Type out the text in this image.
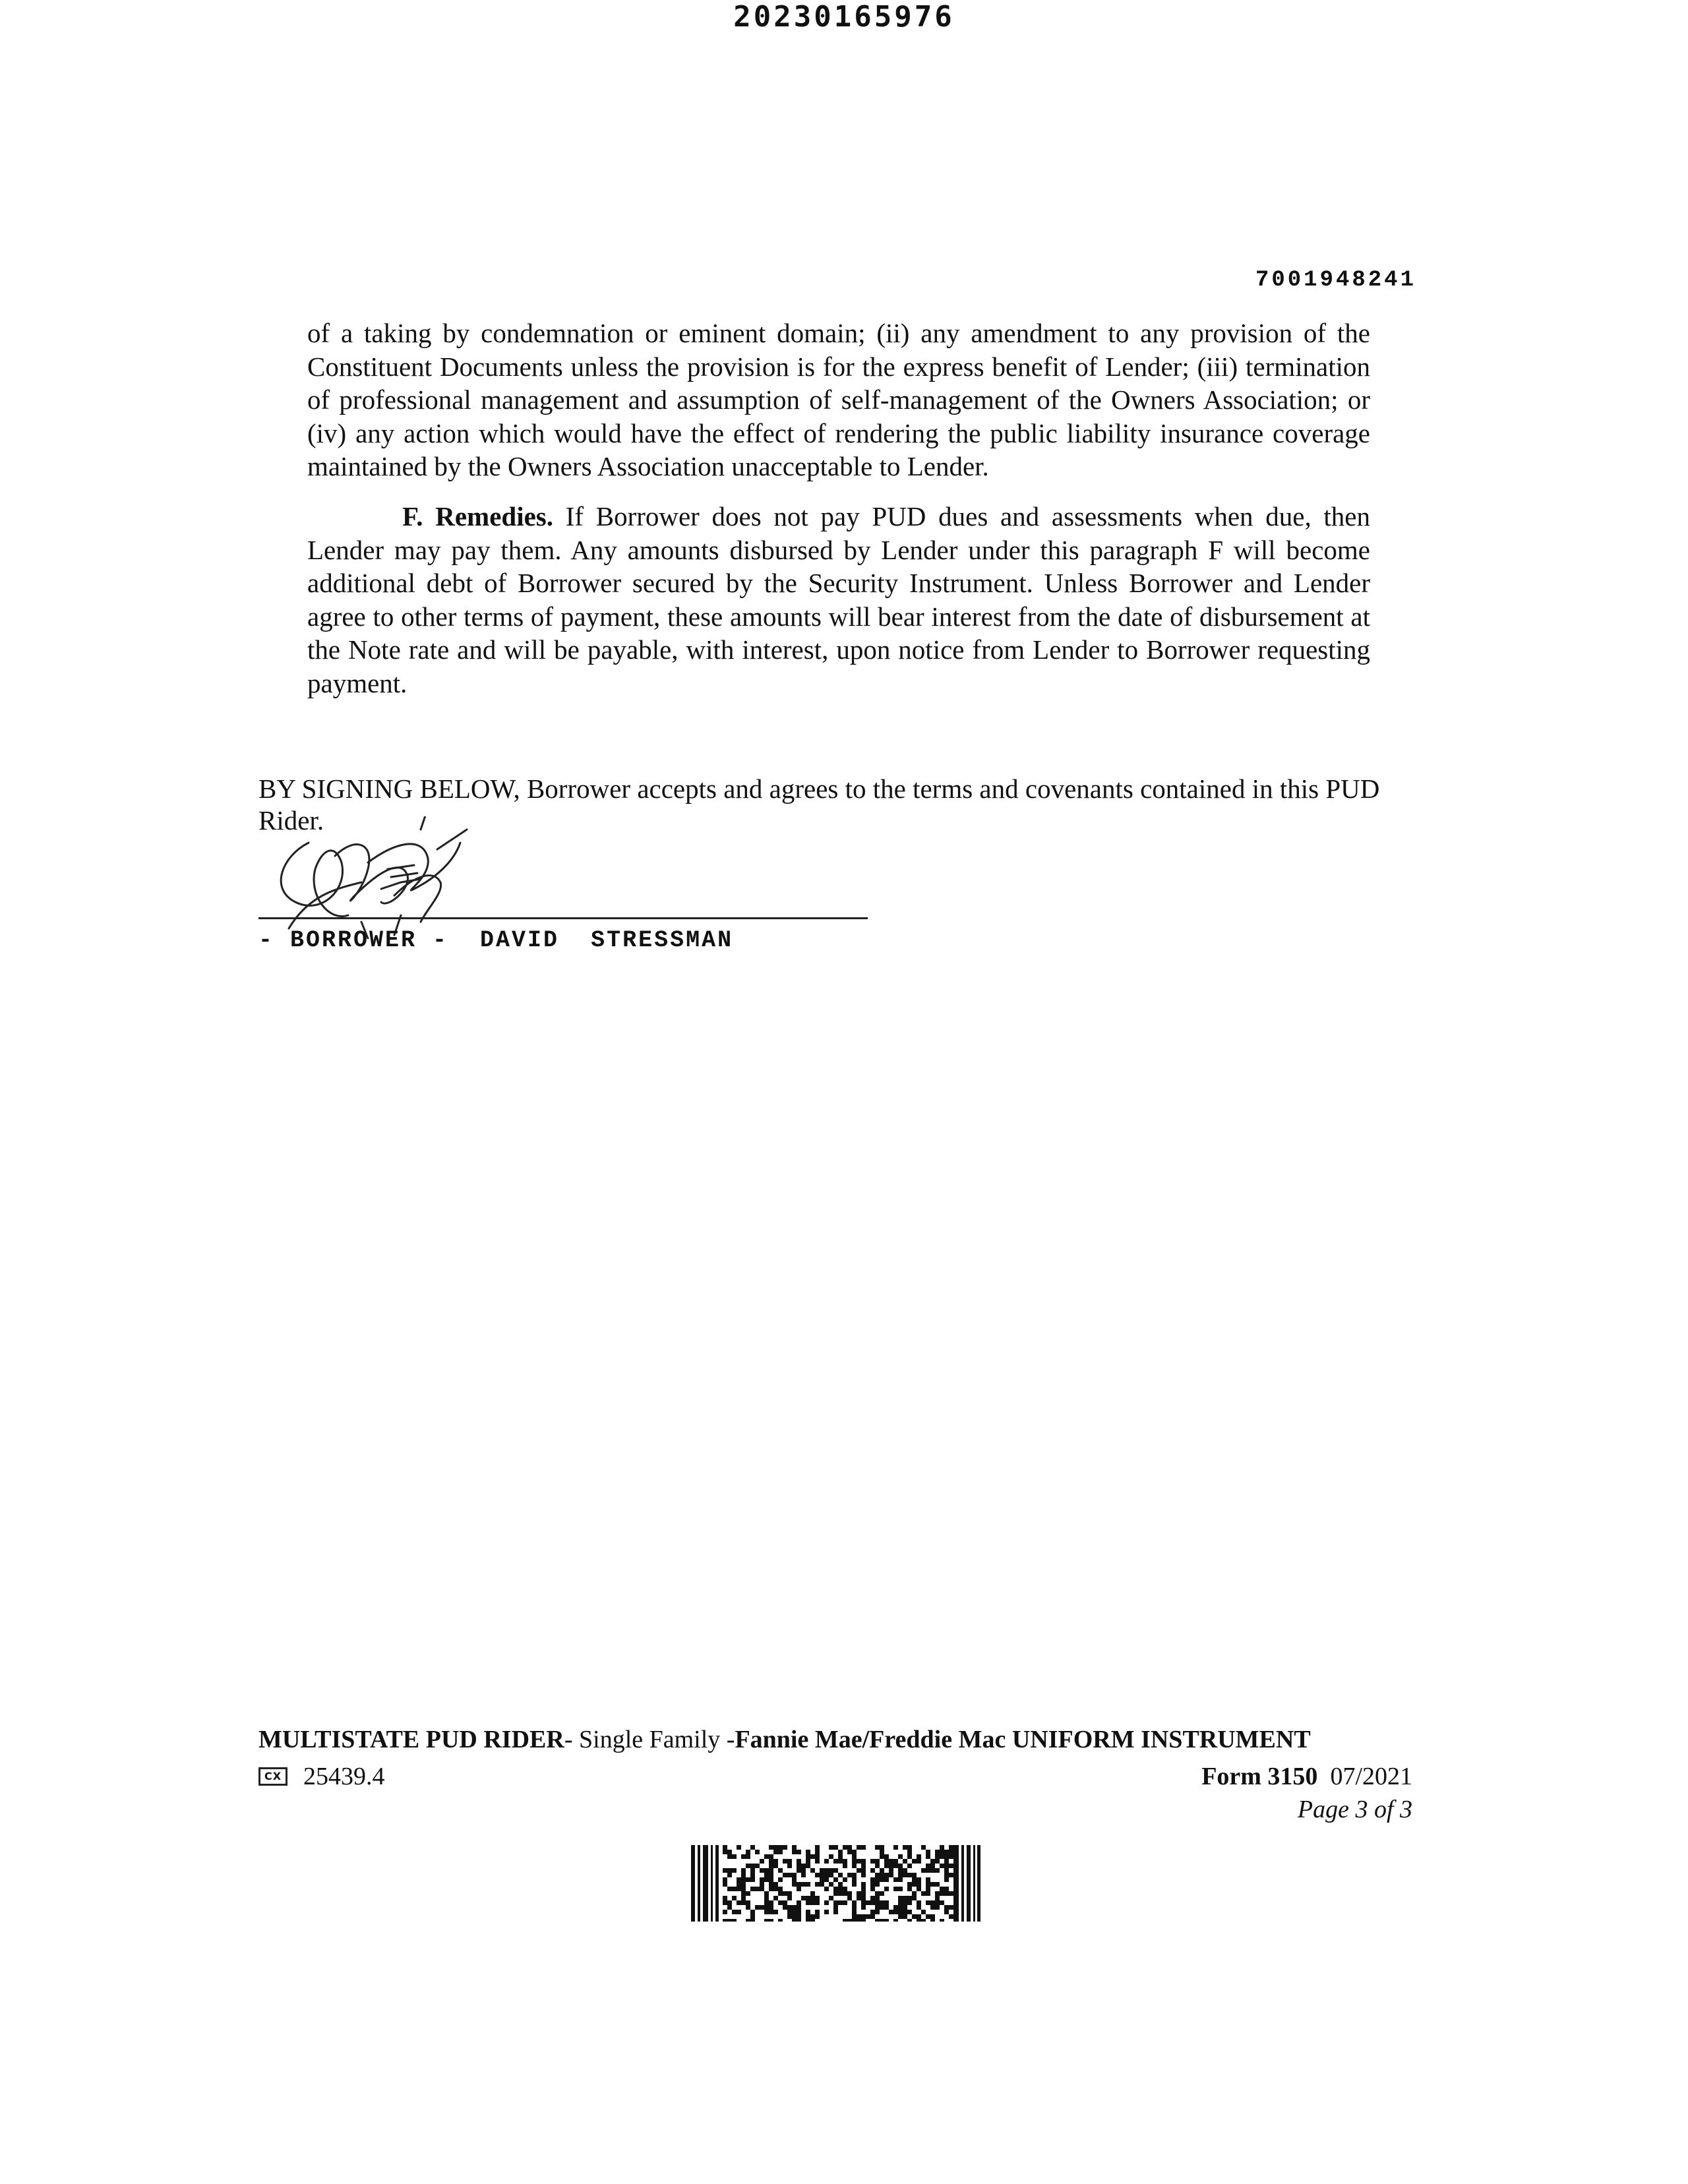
20230165976
7001948241

of a taking by condemnation or eminent domain; (ii) any amendment to any provision of the Constituent Documents unless the provision is for the express benefit of Lender; (iii) termination of professional management and assumption of self-management of the Owners Association; or (iv) any action which would have the effect of rendering the public liability insurance coverage maintained by the Owners Association unacceptable to Lender.

F. Remedies. If Borrower does not pay PUD dues and assessments when due, then Lender may pay them. Any amounts disbursed by Lender under this paragraph F will become additional debt of Borrower secured by the Security Instrument. Unless Borrower and Lender agree to other terms of payment, these amounts will bear interest from the date of disbursement at the Note rate and will be payable, with interest, upon notice from Lender to Borrower requesting payment.

BY SIGNING BELOW, Borrower accepts and agrees to the terms and covenants contained in this PUD Rider.

- BORROWER -  DAVID  STRESSMAN
MULTISTATE PUD RIDER- Single Family -Fannie Mae/Freddie Mac UNIFORM INSTRUMENT
CX 25439.4	Form 3150 07/2021
Page 3 of 3
